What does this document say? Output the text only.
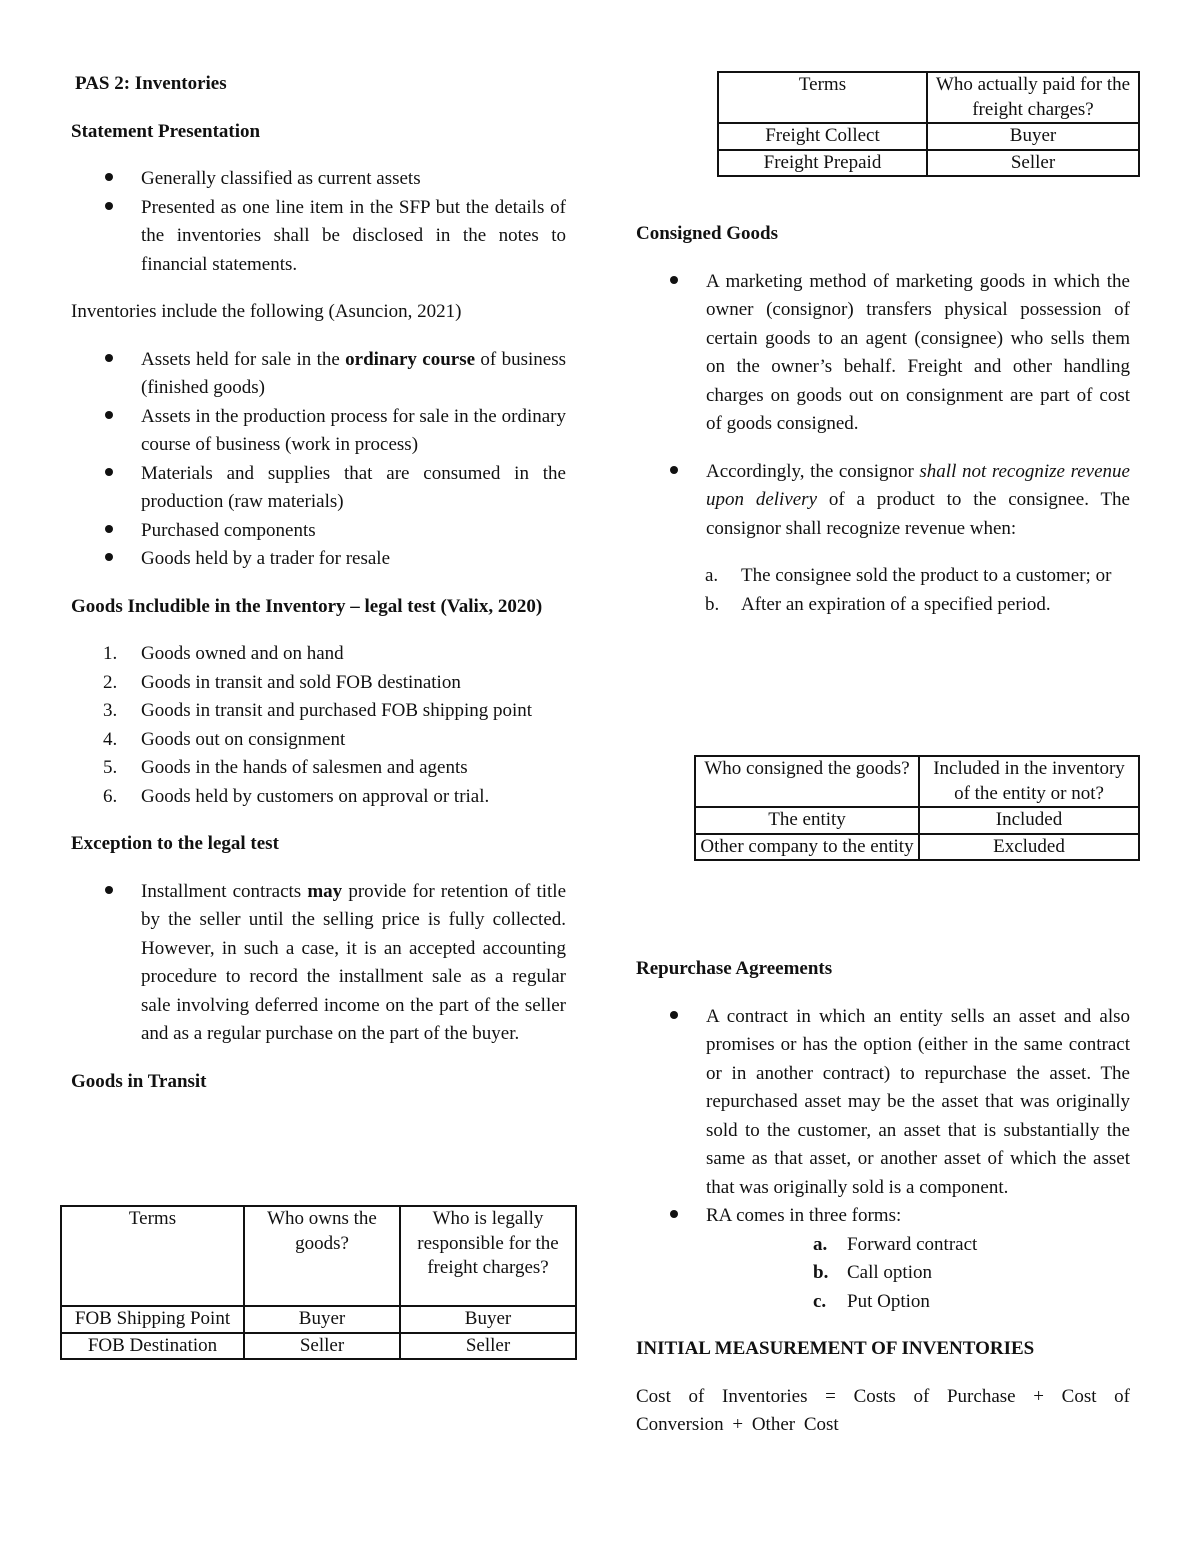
PAS 2: Inventories

Statement Presentation

Generally classified as current assets
Presented as one line item in the SFP but the details of the inventories shall be disclosed in the notes to financial statements.

Inventories include the following (Asuncion, 2021)

Assets held for sale in the ordinary course of business (finished goods)
Assets in the production process for sale in the ordinary course of business (work in process)
Materials and supplies that are consumed in the production (raw materials)
Purchased components
Goods held by a trader for resale

Goods Includible in the Inventory – legal test (Valix, 2020)

1. Goods owned and on hand
2. Goods in transit and sold FOB destination
3. Goods in transit and purchased FOB shipping point
4. Goods out on consignment
5. Goods in the hands of salesmen and agents
6. Goods held by customers on approval or trial.

Exception to the legal test

Installment contracts may provide for retention of title by the seller until the selling price is fully collected. However, in such a case, it is an accepted accounting procedure to record the installment sale as a regular sale involving deferred income on the part of the seller and as a regular purchase on the part of the buyer.

Goods in Transit

Terms	Who owns the goods?	Who is legally responsible for the freight charges?
FOB Shipping Point	Buyer	Buyer
FOB Destination	Seller	Seller
Terms	Who actually paid for the freight charges?
Freight Collect	Buyer
Freight Prepaid	Seller

Consigned Goods

A marketing method of marketing goods in which the owner (consignor) transfers physical possession of certain goods to an agent (consignee) who sells them on the owner’s behalf. Freight and other handling charges on goods out on consignment are part of cost of goods consigned.
Accordingly, the consignor shall not recognize revenue upon delivery of a product to the consignee. The consignor shall recognize revenue when:
a. The consignee sold the product to a customer; or
b. After an expiration of a specified period.
Who consigned the goods?	Included in the inventory of the entity or not?
The entity	Included
Other company to the entity	Excluded

Repurchase Agreements

A contract in which an entity sells an asset and also promises or has the option (either in the same contract or in another contract) to repurchase the asset. The repurchased asset may be the asset that was originally sold to the customer, an asset that is substantially the same as that asset, or another asset of which the asset that was originally sold is a component.
RA comes in three forms:
a. Forward contract
b. Call option
c. Put Option

INITIAL MEASUREMENT OF INVENTORIES

Cost of Inventories = Costs of Purchase + Cost of Conversion + Other Cost
